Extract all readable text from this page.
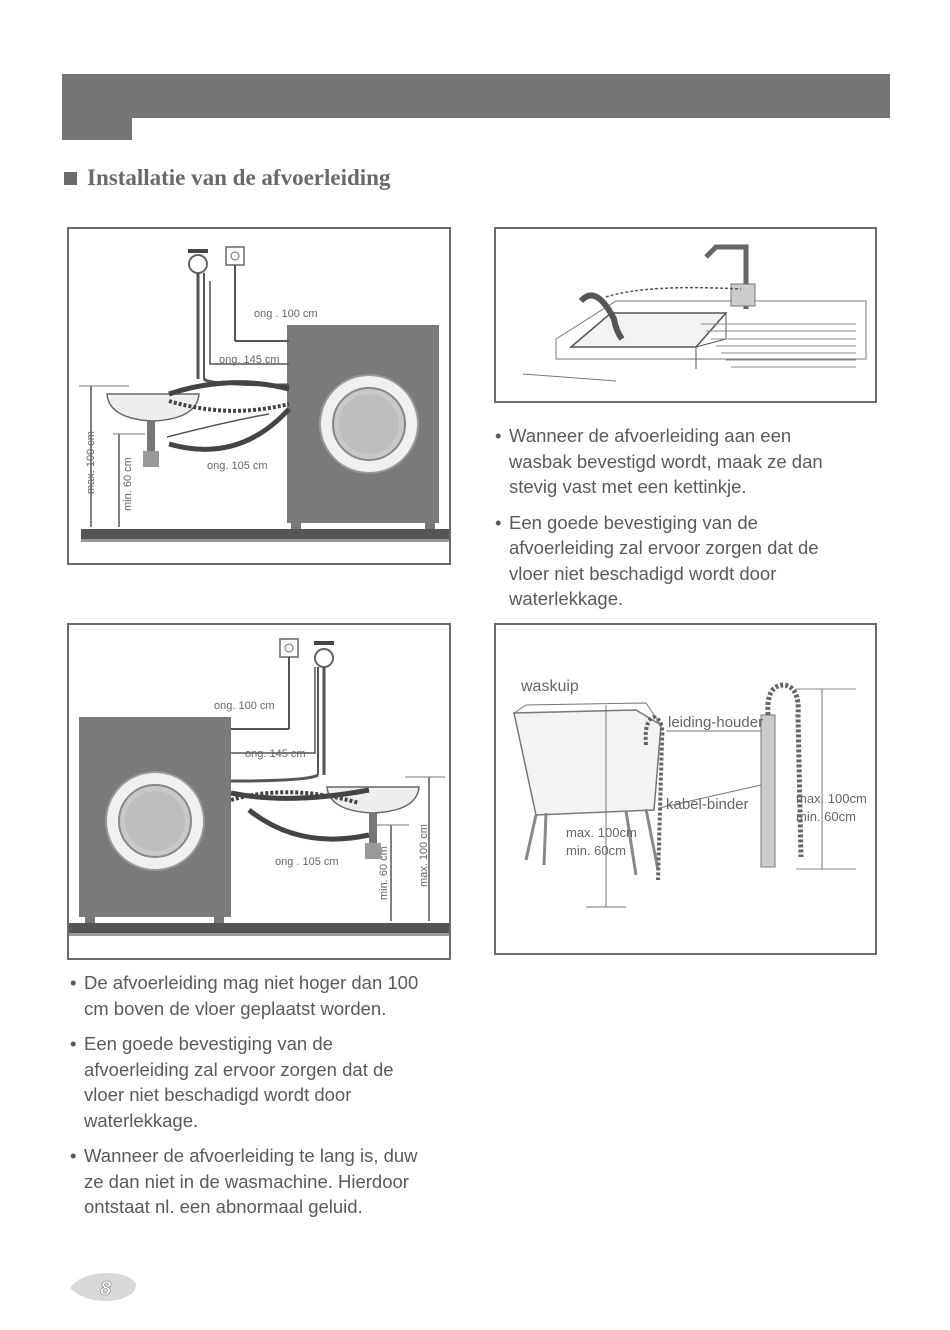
Installatie van de afvoerleiding
ong . 100 cm
ong. 145 cm
ong. 105 cm
max. 100 cm min. 60 cm
• Wanneer de afvoerleiding aan een wasbak bevestigd wordt, maak ze dan stevig vast met een kettinkje.
• Een goede bevestiging van de afvoerleiding zal ervoor zorgen dat de vloer niet beschadigd wordt door waterlekkage.
ong. 100 cm
ong. 145 cm
ong . 105 cm	min. 60 cm	max. 100 cm
waskuip
leiding-houder
kabel-binder
max. 100cm
min. 60cm
max. 100cm
min. 60cm
• De afvoerleiding mag niet hoger dan 100 cm boven de vloer geplaatst worden.
• Een goede bevestiging van de afvoerleiding zal ervoor zorgen dat de vloer niet beschadigd wordt door waterlekkage.
• Wanneer de afvoerleiding te lang is, duw ze dan niet in de wasmachine. Hierdoor ontstaat nl. een abnormaal geluid.
8
